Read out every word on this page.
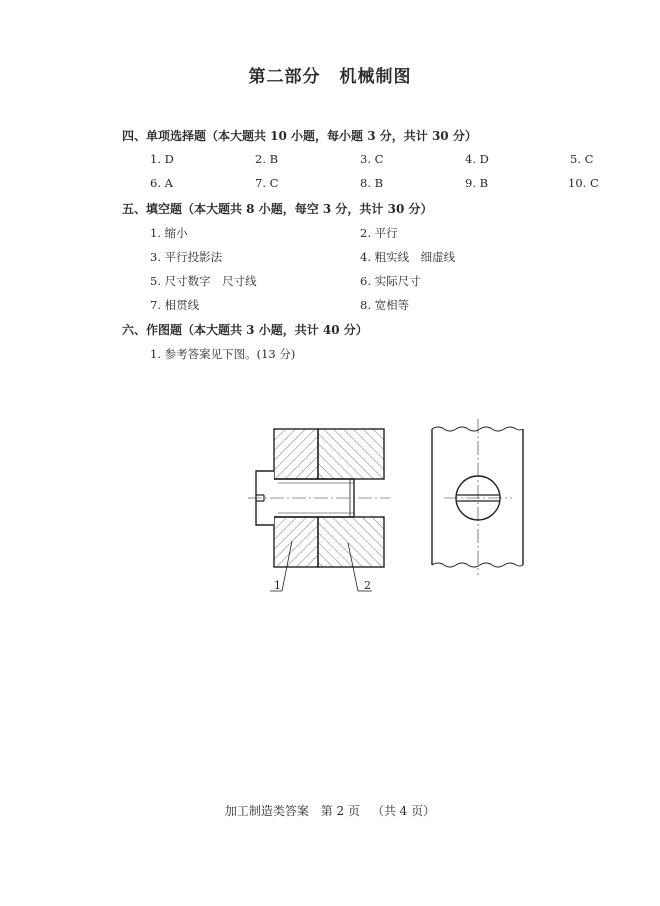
第二部分 机械制图
四、单项选择题（本大题共 10 小题，每小题 3 分，共计 30 分）
1. D	2. B	3. C	4. D	5. C
6. A	7. C	8. B	9. B	10. C
五、填空题（本大题共 8 小题，每空 3 分，共计 30 分）
1. 缩小	2. 平行
3. 平行投影法	4. 粗实线　细虚线
5. 尺寸数字　尺寸线	6. 实际尺寸
7. 相贯线	8. 宽相等
六、作图题（本大题共 3 小题，共计 40 分）
1. 参考答案见下图。(13 分)
1	2
加工制造类答案 第 2 页 （共 4 页）
